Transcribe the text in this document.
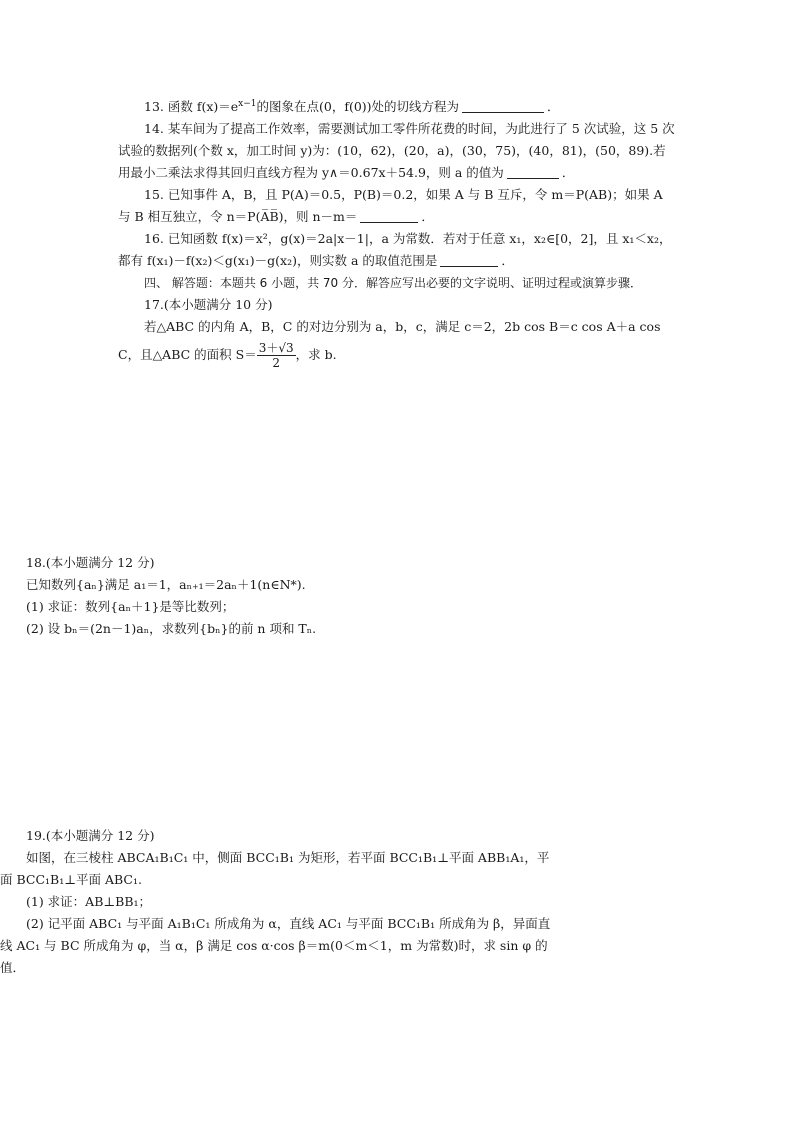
13. 函数 $f(x)=e^{x-1}$的图象在点(0，f(0))处的切线方程为	．

14. 某车间为了提高工作效率，需要测试加工零件所花费的时间，为此进行了 5 次试验，这 5 次试验的数据列(个数 x，加工时间 y)为：(10，62)，(20，a)，(30，75)，(40，81)，(50，89).若用最小二乘法求得其回归直线方程为 y∧＝0.67x＋54.9，则 a 的值为	．

15. 已知事件 A，B，且 P(A)＝0.5，P(B)＝0.2，如果 A 与 B 互斥，令 m＝P(AB)；如果 A 与 B 相互独立，令 n＝P(A̅B̅)，则 n－m＝	．

16. 已知函数 f(x)＝x²，g(x)＝2a|x－1|，a 为常数．若对于任意 x₁，x₂∈[0，2]，且 x₁＜x₂，都有 f(x₁)－f(x₂)＜g(x₁)－g(x₂)，则实数 a 的取值范围是	．

四、 解答题：本题共 6 小题，共 70 分．解答应写出必要的文字说明、证明过程或演算步骤．

17.(本小题满分 10 分)

若△ABC 的内角 A，B，C 的对边分别为 a，b，c，满足 c＝2，2b cos B＝c cos A＋a cos

C，且△ABC 的面积 $S= \frac{3+√3}{2}$ ，求 b.

18.(本小题满分 12 分)

已知数列{aₙ}满足 a₁＝1，aₙ₊₁＝2aₙ＋1(n∈N*).

(1) 求证：数列{aₙ＋1}是等比数列；

(2) 设 bₙ＝(2n－1)aₙ，求数列{bₙ}的前 n 项和 Tₙ.

19.(本小题满分 12 分)

如图，在三棱柱 ABCA₁B₁C₁ 中，侧面 BCC₁B₁ 为矩形，若平面 BCC₁B₁⊥平面 ABB₁A₁，平面 BCC₁B₁⊥平面 ABC₁.

(1) 求证：AB⊥BB₁；

(2) 记平面 ABC₁ 与平面 A₁B₁C₁ 所成角为 α，直线 AC₁ 与平面 BCC₁B₁ 所成角为 β，异面直线 AC₁ 与 BC 所成角为 φ，当 α，β 满足 cos α·cos β＝m(0＜m＜1，m 为常数)时，求 sin φ 的值．
